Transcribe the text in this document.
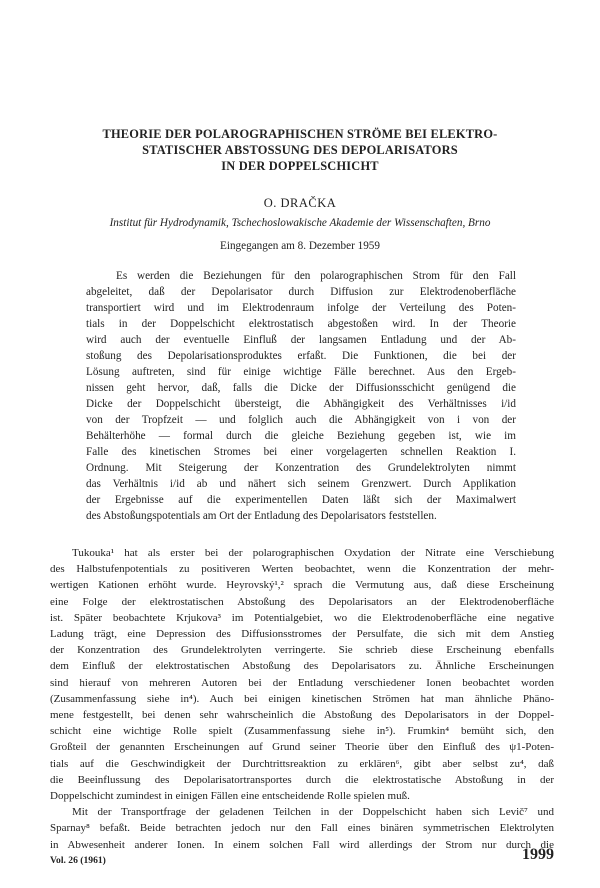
THEORIE DER POLAROGRAPHISCHEN STRÖME BEI ELEKTRO-
STATISCHER ABSTOSSUNG DES DEPOLARISATORS
IN DER DOPPELSCHICHT

O. DRAČKA

Institut für Hydrodynamik, Tschechoslowakische Akademie der Wissenschaften, Brno

Eingegangen am 8. Dezember 1959

Es werden die Beziehungen für den polarographischen Strom für den Fall
abgeleitet, daß der Depolarisator durch Diffusion zur Elektrodenoberfläche
transportiert wird und im Elektrodenraum infolge der Verteilung des Poten-
tials in der Doppelschicht elektrostatisch abgestoßen wird. In der Theorie
wird auch der eventuelle Einfluß der langsamen Entladung und der Ab-
stoßung des Depolarisationsproduktes erfaßt. Die Funktionen, die bei der
Lösung auftreten, sind für einige wichtige Fälle berechnet. Aus den Ergeb-
nissen geht hervor, daß, falls die Dicke der Diffusionsschicht genügend die
Dicke der Doppelschicht übersteigt, die Abhängigkeit des Verhältnisses i/id
von der Tropfzeit — und folglich auch die Abhängigkeit von i von der
Behälterhöhe — formal durch die gleiche Beziehung gegeben ist, wie im
Falle des kinetischen Stromes bei einer vorgelagerten schnellen Reaktion I.
Ordnung. Mit Steigerung der Konzentration des Grundelektrolyten nimmt
das Verhältnis i/id ab und nähert sich seinem Grenzwert. Durch Applikation
der Ergebnisse auf die experimentellen Daten läßt sich der Maximalwert
des Abstoßungspotentials am Ort der Entladung des Depolarisators feststellen.
Tukouka¹ hat als erster bei der polarographischen Oxydation der Nitrate eine Verschiebung
des Halbstufenpotentials zu positiveren Werten beobachtet, wenn die Konzentration der mehr-
wertigen Kationen erhöht wurde. Heyrovský¹,² sprach die Vermutung aus, daß diese Erscheinung
eine Folge der elektrostatischen Abstoßung des Depolarisators an der Elektrodenoberfläche
ist. Später beobachtete Krjukova³ im Potentialgebiet, wo die Elektrodenoberfläche eine negative
Ladung trägt, eine Depression des Diffusionsstromes der Persulfate, die sich mit dem Anstieg
der Konzentration des Grundelektrolyten verringerte. Sie schrieb diese Erscheinung ebenfalls
dem Einfluß der elektrostatischen Abstoßung des Depolarisators zu. Ähnliche Erscheinungen
sind hierauf von mehreren Autoren bei der Entladung verschiedener Ionen beobachtet worden
(Zusammenfassung siehe in⁴). Auch bei einigen kinetischen Strömen hat man ähnliche Phäno-
mene festgestellt, bei denen sehr wahrscheinlich die Abstoßung des Depolarisators in der Doppel-
schicht eine wichtige Rolle spielt (Zusammenfassung siehe in⁵). Frumkin⁴ bemüht sich, den
Großteil der genannten Erscheinungen auf Grund seiner Theorie über den Einfluß des ψ1-Poten-
tials auf die Geschwindigkeit der Durchtrittsreaktion zu erklären⁶, gibt aber selbst zu⁴, daß
die Beeinflussung des Depolarisatortransportes durch die elektrostatische Abstoßung in der
Doppelschicht zumindest in einigen Fällen eine entscheidende Rolle spielen muß.
Mit der Transportfrage der geladenen Teilchen in der Doppelschicht haben sich Levič⁷ und
Sparnay⁸ befaßt. Beide betrachten jedoch nur den Fall eines binären symmetrischen Elektrolyten
in Abwesenheit anderer Ionen. In einem solchen Fall wird allerdings der Strom nur durch die

Vol. 26 (1961)	1999
